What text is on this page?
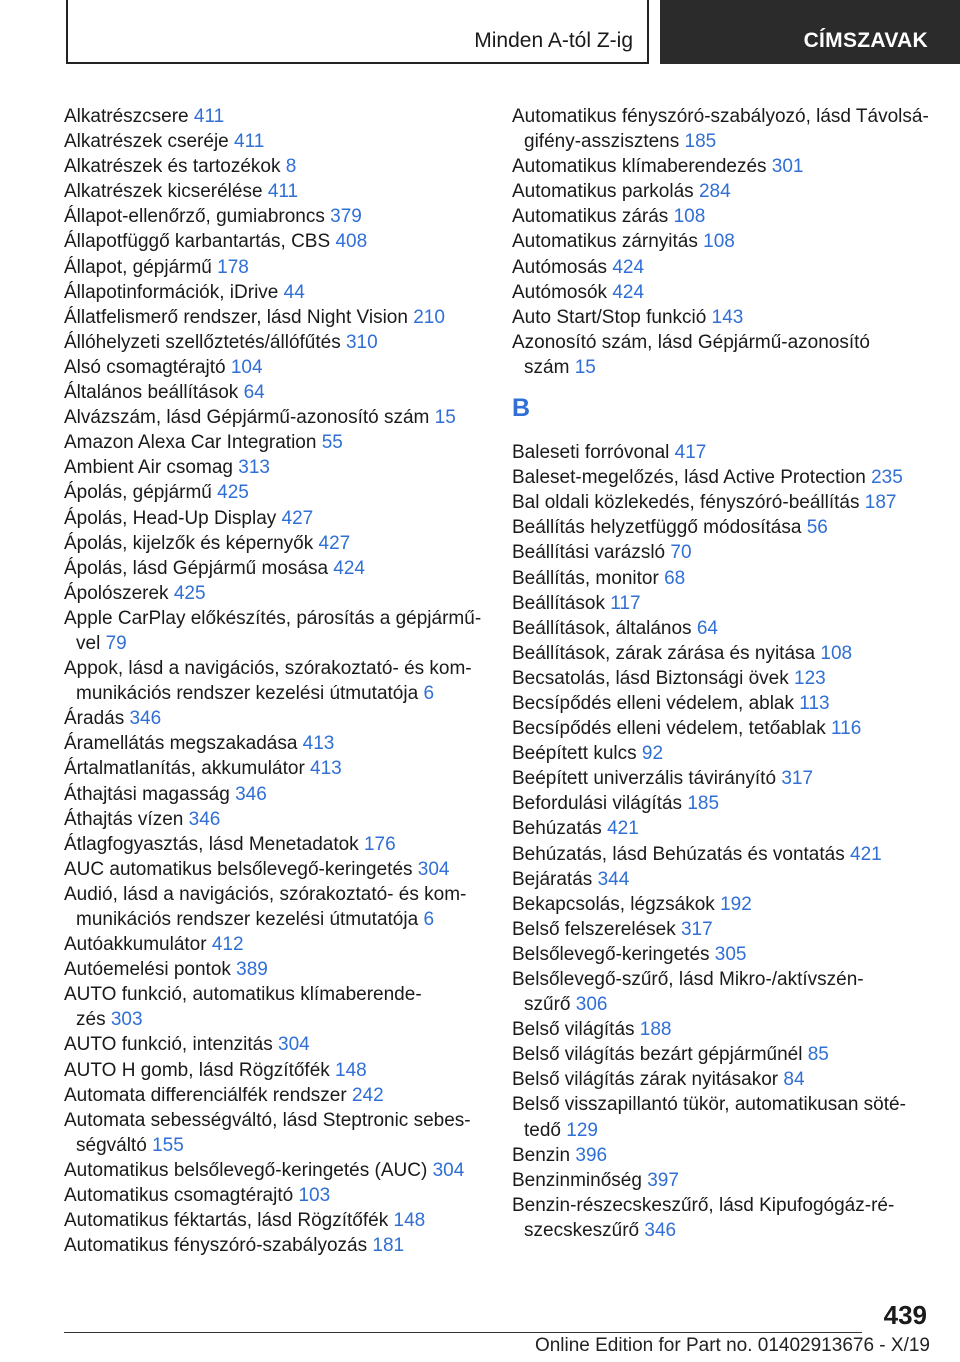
Minden A-tól Z-ig	CÍMSZAVAK
Alkatrészcsere 411
Alkatrészek cseréje 411
Alkatrészek és tartozékok 8
Alkatrészek kicserélése 411
Állapot-ellenőrző, gumiabroncs 379
Állapotfüggő karbantartás, CBS 408
Állapot, gépjármű 178
Állapotinformációk, iDrive 44
Állatfelismerő rendszer, lásd Night Vision 210
Állóhelyzeti szellőztetés/állófűtés 310
Alsó csomagtérajtó 104
Általános beállítások 64
Alvázszám, lásd Gépjármű-azonosító szám 15
Amazon Alexa Car Integration 55
Ambient Air csomag 313
Ápolás, gépjármű 425
Ápolás, Head-Up Display 427
Ápolás, kijelzők és képernyők 427
Ápolás, lásd Gépjármű mosása 424
Ápolószerek 425
Apple CarPlay előkészítés, párosítás a gépjármű-
vel 79
Appok, lásd a navigációs, szórakoztató- és kom-
munikációs rendszer kezelési útmutatója 6
Áradás 346
Áramellátás megszakadása 413
Ártalmatlanítás, akkumulátor 413
Áthajtási magasság 346
Áthajtás vízen 346
Átlagfogyasztás, lásd Menetadatok 176
AUC automatikus belsőlevegő-keringetés 304
Audió, lásd a navigációs, szórakoztató- és kom-
munikációs rendszer kezelési útmutatója 6
Autóakkumulátor 412
Autóemelési pontok 389
AUTO funkció, automatikus klímaberende-
zés 303
AUTO funkció, intenzitás 304
AUTO H gomb, lásd Rögzítőfék 148
Automata differenciálfék rendszer 242
Automata sebességváltó, lásd Steptronic sebes-
ségváltó 155
Automatikus belsőlevegő-keringetés (AUC) 304
Automatikus csomagtérajtó 103
Automatikus féktartás, lásd Rögzítőfék 148
Automatikus fényszóró-szabályozás 181
Automatikus fényszóró-szabályozó, lásd Távolsá-
gifény-asszisztens 185
Automatikus klímaberendezés 301
Automatikus parkolás 284
Automatikus zárás 108
Automatikus zárnyitás 108
Autómosás 424
Autómosók 424
Auto Start/Stop funkció 143
Azonosító szám, lásd Gépjármű-azonosító
szám 15
B
Baleseti forróvonal 417
Baleset-megelőzés, lásd Active Protection 235
Bal oldali közlekedés, fényszóró-beállítás 187
Beállítás helyzetfüggő módosítása 56
Beállítási varázsló 70
Beállítás, monitor 68
Beállítások 117
Beállítások, általános 64
Beállítások, zárak zárása és nyitása 108
Becsatolás, lásd Biztonsági övek 123
Becsípődés elleni védelem, ablak 113
Becsípődés elleni védelem, tetőablak 116
Beépített kulcs 92
Beépített univerzális távirányító 317
Befordulási világítás 185
Behúzatás 421
Behúzatás, lásd Behúzatás és vontatás 421
Bejáratás 344
Bekapcsolás, légzsákok 192
Belső felszerelések 317
Belsőlevegő-keringetés 305
Belsőlevegő-szűrő, lásd Mikro-/aktívszén-
szűrő 306
Belső világítás 188
Belső világítás bezárt gépjárműnél 85
Belső világítás zárak nyitásakor 84
Belső visszapillantó tükör, automatikusan söté-
tedő 129
Benzin 396
Benzinminőség 397
Benzin-részecskeszűrő, lásd Kipufogógáz-ré-
szecskeszűrő 346
439
Online Edition for Part no. 01402913676 - X/19
